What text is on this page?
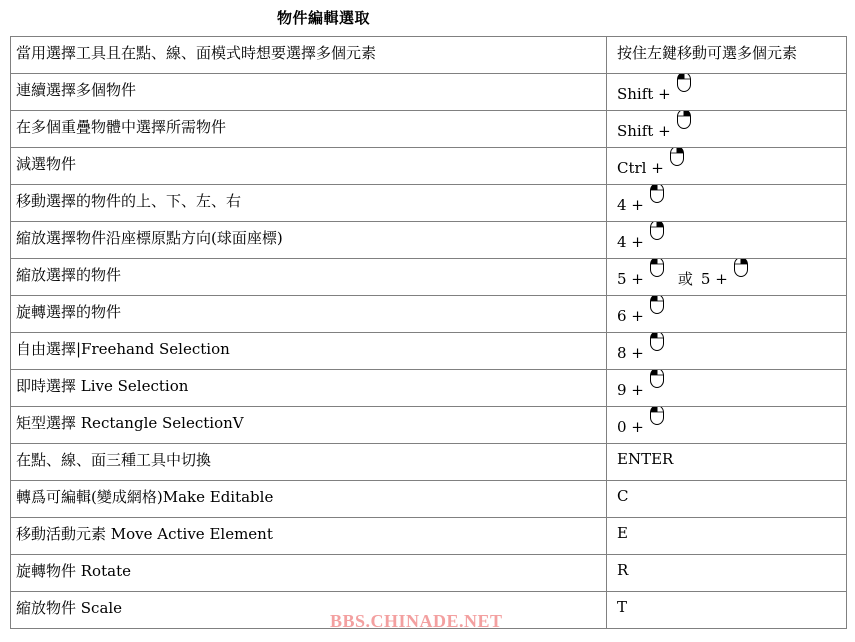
物件編輯選取
當用選擇工具且在點、線、面模式時想要選擇多個元素	按住左鍵移動可選多個元素
連續選擇多個物件	Shift +
在多個重疊物體中選擇所需物件	Shift +
減選物件	Ctrl +
移動選擇的物件的上、下、左、右	4 +
縮放選擇物件沿座標原點方向(球面座標)	4 +
縮放選擇的物件	5 + 或 5 +
旋轉選擇的物件	6 +
自由選擇|Freehand Selection	8 +
即時選擇 Live Selection	9 +
矩型選擇 Rectangle SelectionV	0 +
在點、線、面三種工具中切換	ENTER
轉爲可編輯(變成網格)Make Editable	C
移動活動元素 Move Active Element	E
旋轉物件 Rotate	R
縮放物件 Scale	T
BBS.CHINADE.NET
